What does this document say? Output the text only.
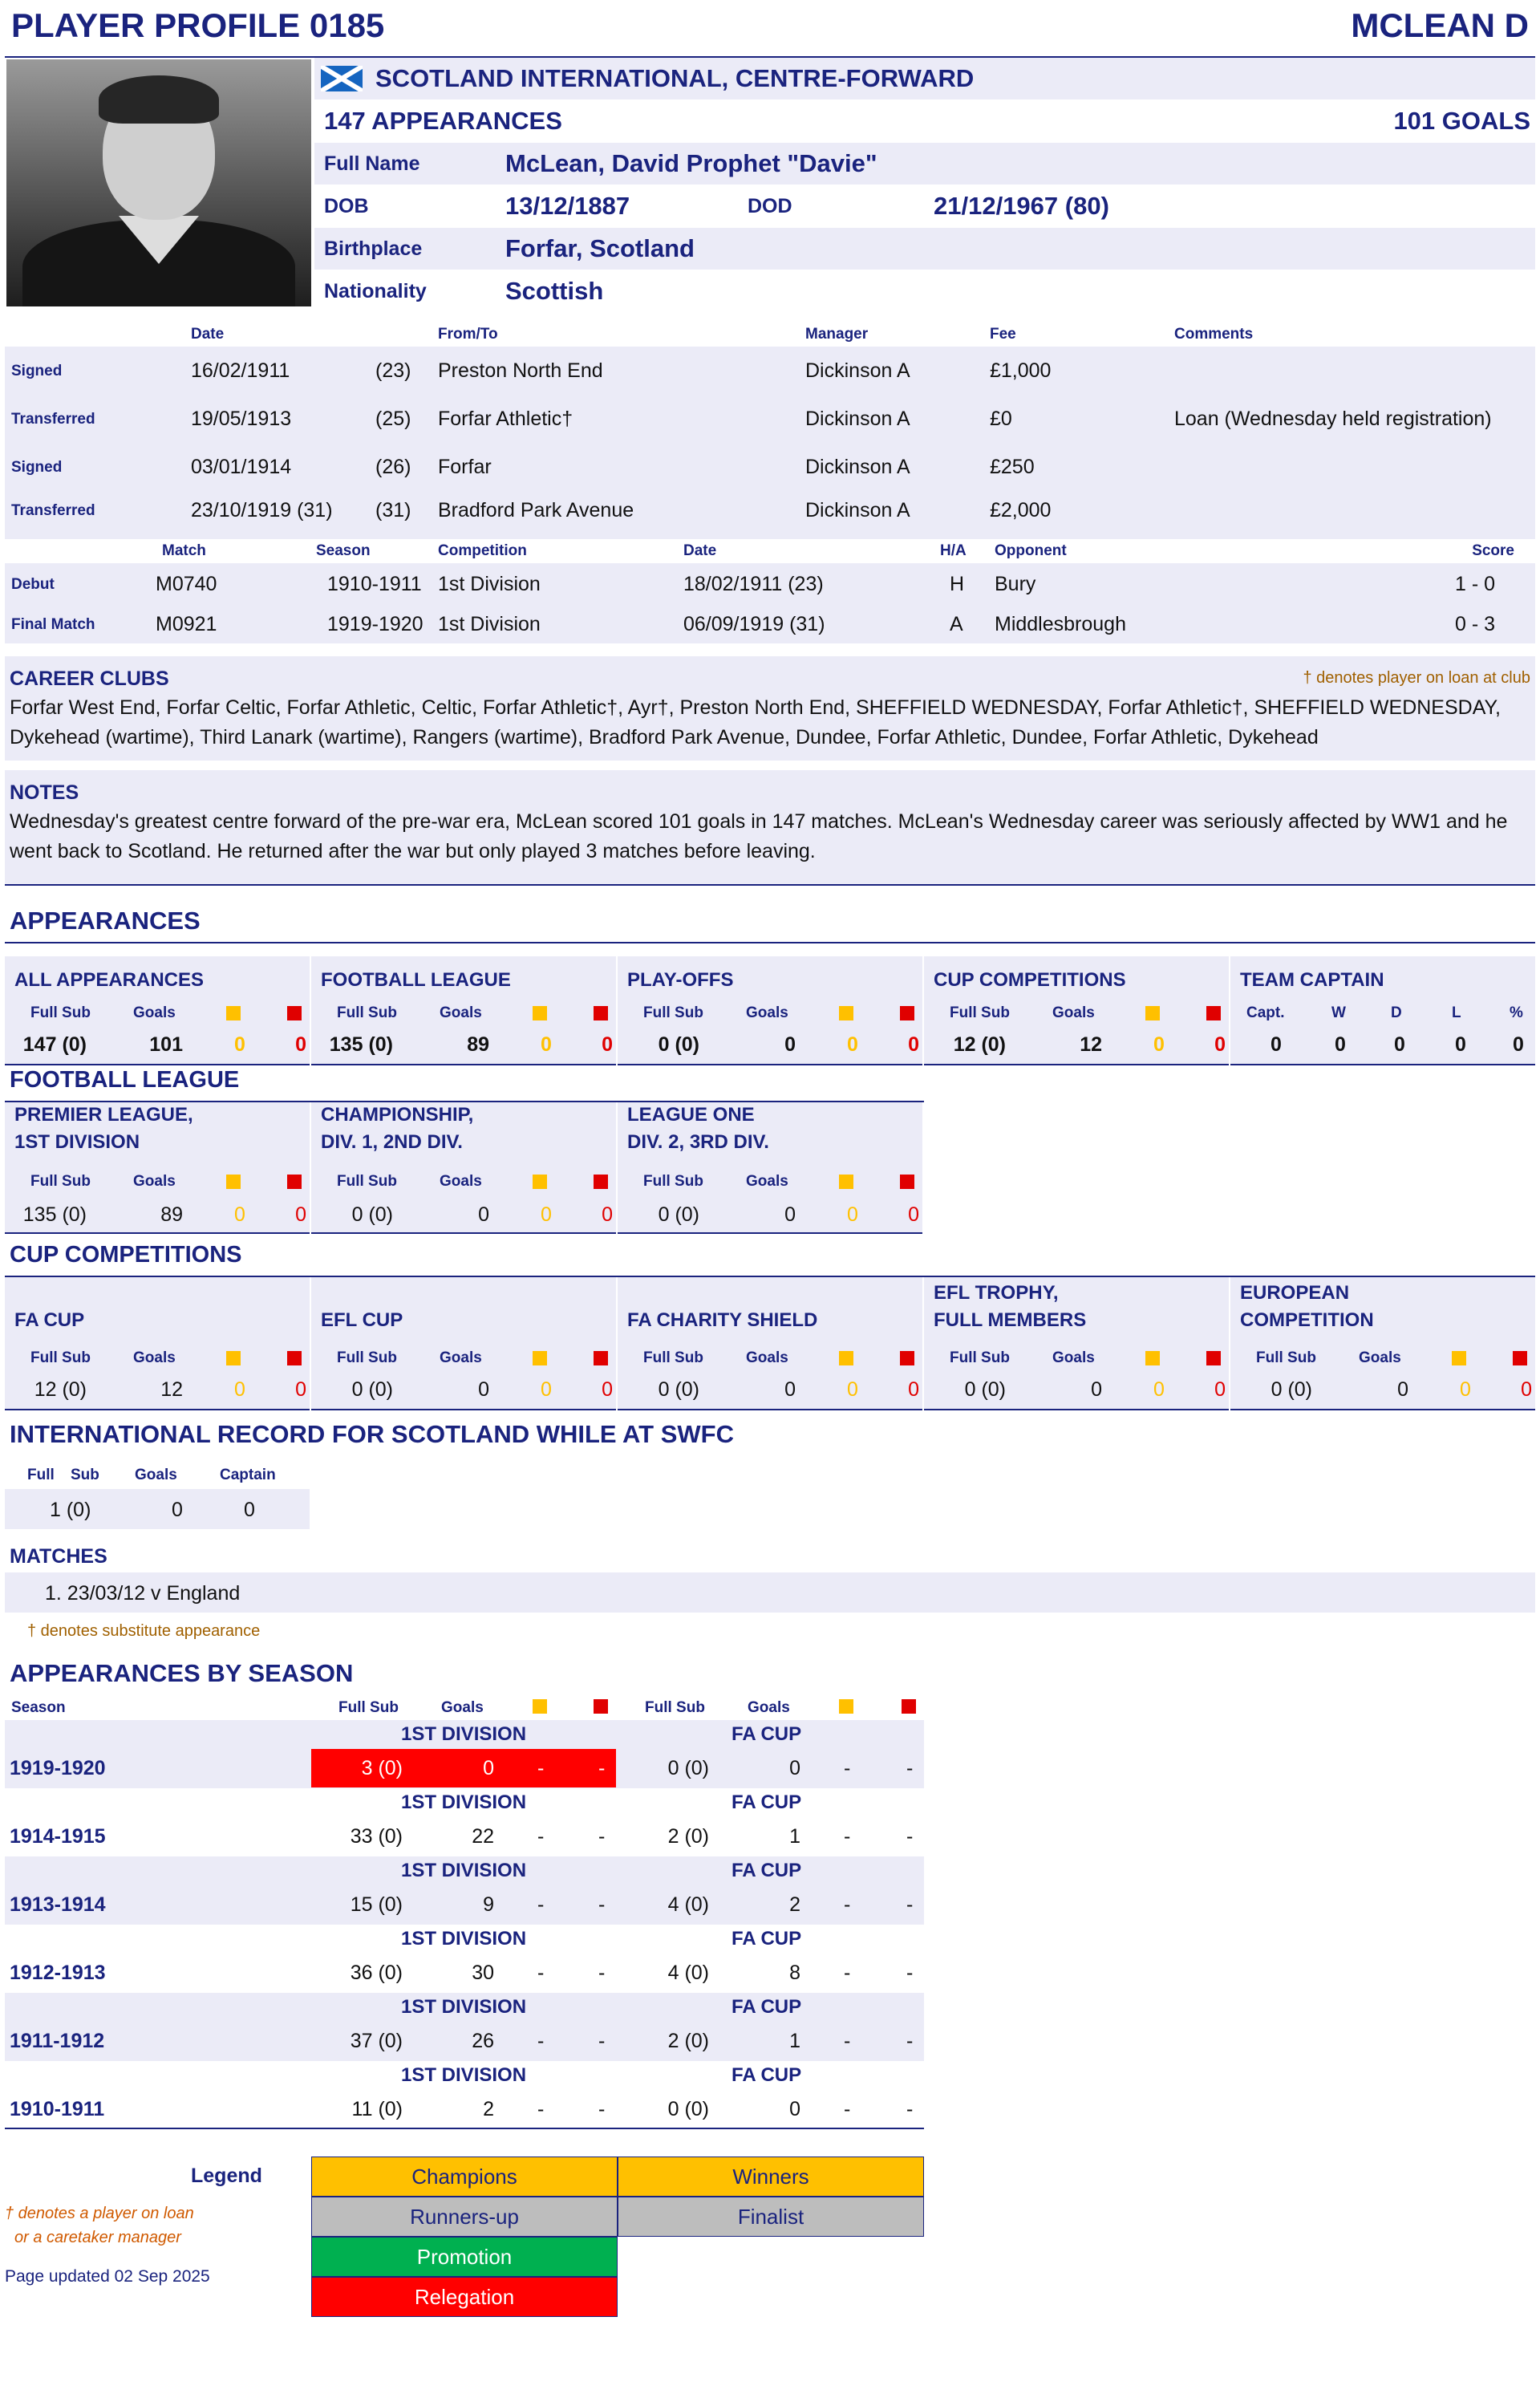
PLAYER PROFILE 0185	MCLEAN D
SCOTLAND INTERNATIONAL, CENTRE-FORWARD
147 APPEARANCES	101 GOALS
Full Name	McLean, David Prophet "Davie"
DOB	13/12/1887	DOD	21/12/1967 (80)
Birthplace	Forfar, Scotland
Nationality	Scottish
Date	From/To	Manager	Fee	Comments
Signed	16/02/1911	(23) Preston North End	Dickinson A	£1,000
Transferred	19/05/1913	(25) Forfar Athletic†	Dickinson A	£0	Loan (Wednesday held registration)
Signed	03/01/1914	(26) Forfar	Dickinson A	£250
Transferred	23/10/1919 (31) (31) Bradford Park Avenue	Dickinson A	£2,000
Match	Season	Competition	Date	H/A Opponent	Score
Debut	M0740	1910-1911 1st Division	18/02/1911 (23)	H Bury	1 - 0
Final Match	M0921	1919-1920 1st Division	06/09/1919 (31)	A Middlesbrough	0 - 3
CAREER CLUBS	† denotes player on loan at club
Forfar West End, Forfar Celtic, Forfar Athletic, Celtic, Forfar Athletic†, Ayr†, Preston North End, SHEFFIELD WEDNESDAY, Forfar Athletic†, SHEFFIELD WEDNESDAY,
Dykehead (wartime), Third Lanark (wartime), Rangers (wartime), Bradford Park Avenue, Dundee, Forfar Athletic, Dundee, Forfar Athletic, Dykehead
NOTES
Wednesday's greatest centre forward of the pre-war era, McLean scored 101 goals in 147 matches. McLean's Wednesday career was seriously affected by WW1 and he
went back to Scotland. He returned after the war but only played 3 matches before leaving.
APPEARANCES
ALL APPEARANCES
Full Sub	Goals
147 (0)	101	0 0
FOOTBALL LEAGUE
Full Sub	Goals
135 (0)	89	0 0
PLAY-OFFS
Full Sub	Goals
0 (0)	0	0 0
CUP COMPETITIONS
Full Sub	Goals
12 (0)	12	0 0
TEAM CAPTAIN
Capt.
0
W
0
D
0
L
0
%
0
FOOTBALL LEAGUE
PREMIER LEAGUE,
1ST DIVISION
Full Sub	Goals
135 (0)	89	0 0
CHAMPIONSHIP,
DIV. 1, 2ND DIV.
Full Sub	Goals
0 (0)	0	0 0
LEAGUE ONE
DIV. 2, 3RD DIV.
Full Sub	Goals
0 (0)	0	0 0
CUP COMPETITIONS
FA CUP
Full Sub	Goals
12 (0)	12	0 0
EFL CUP
Full Sub	Goals
0 (0)	0	0 0
FA CHARITY SHIELD
Full Sub	Goals
0 (0)	0	0 0
EFL TROPHY,
FULL MEMBERS
Full Sub	Goals
0 (0)	0	0 0
EUROPEAN
COMPETITION
Full Sub	Goals
0 (0)	0	0 0
INTERNATIONAL RECORD FOR SCOTLAND WHILE AT SWFC
Full Sub Goals	Captain
1 (0)	0	0
MATCHES
1. 23/03/12 v England
† denotes substitute appearance
APPEARANCES BY SEASON
Season	Full Sub	Goals	Full Sub	Goals
1ST DIVISION	FA CUP
1919-1920	3 (0)	0 -	-	0 (0)	0 -	-
1ST DIVISION	FA CUP
1914-1915	33 (0)	22 -	-	2 (0)	1 -	-
1ST DIVISION	FA CUP
1913-1914	15 (0)	9 -	-	4 (0)	2 -	-
1ST DIVISION	FA CUP
1912-1913	36 (0)	30 -	-	4 (0)	8 -	-
1ST DIVISION	FA CUP
1911-1912	37 (0)	26 -	-	2 (0)	1 -	-
1ST DIVISION	FA CUP
1910-1911	11 (0)	2 -	-	0 (0)	0 -	-
Legend	Champions	Winners
Runners-up	Finalist
Promotion
Relegation
† denotes a player on loan
or a caretaker manager
Page updated 02 Sep 2025
